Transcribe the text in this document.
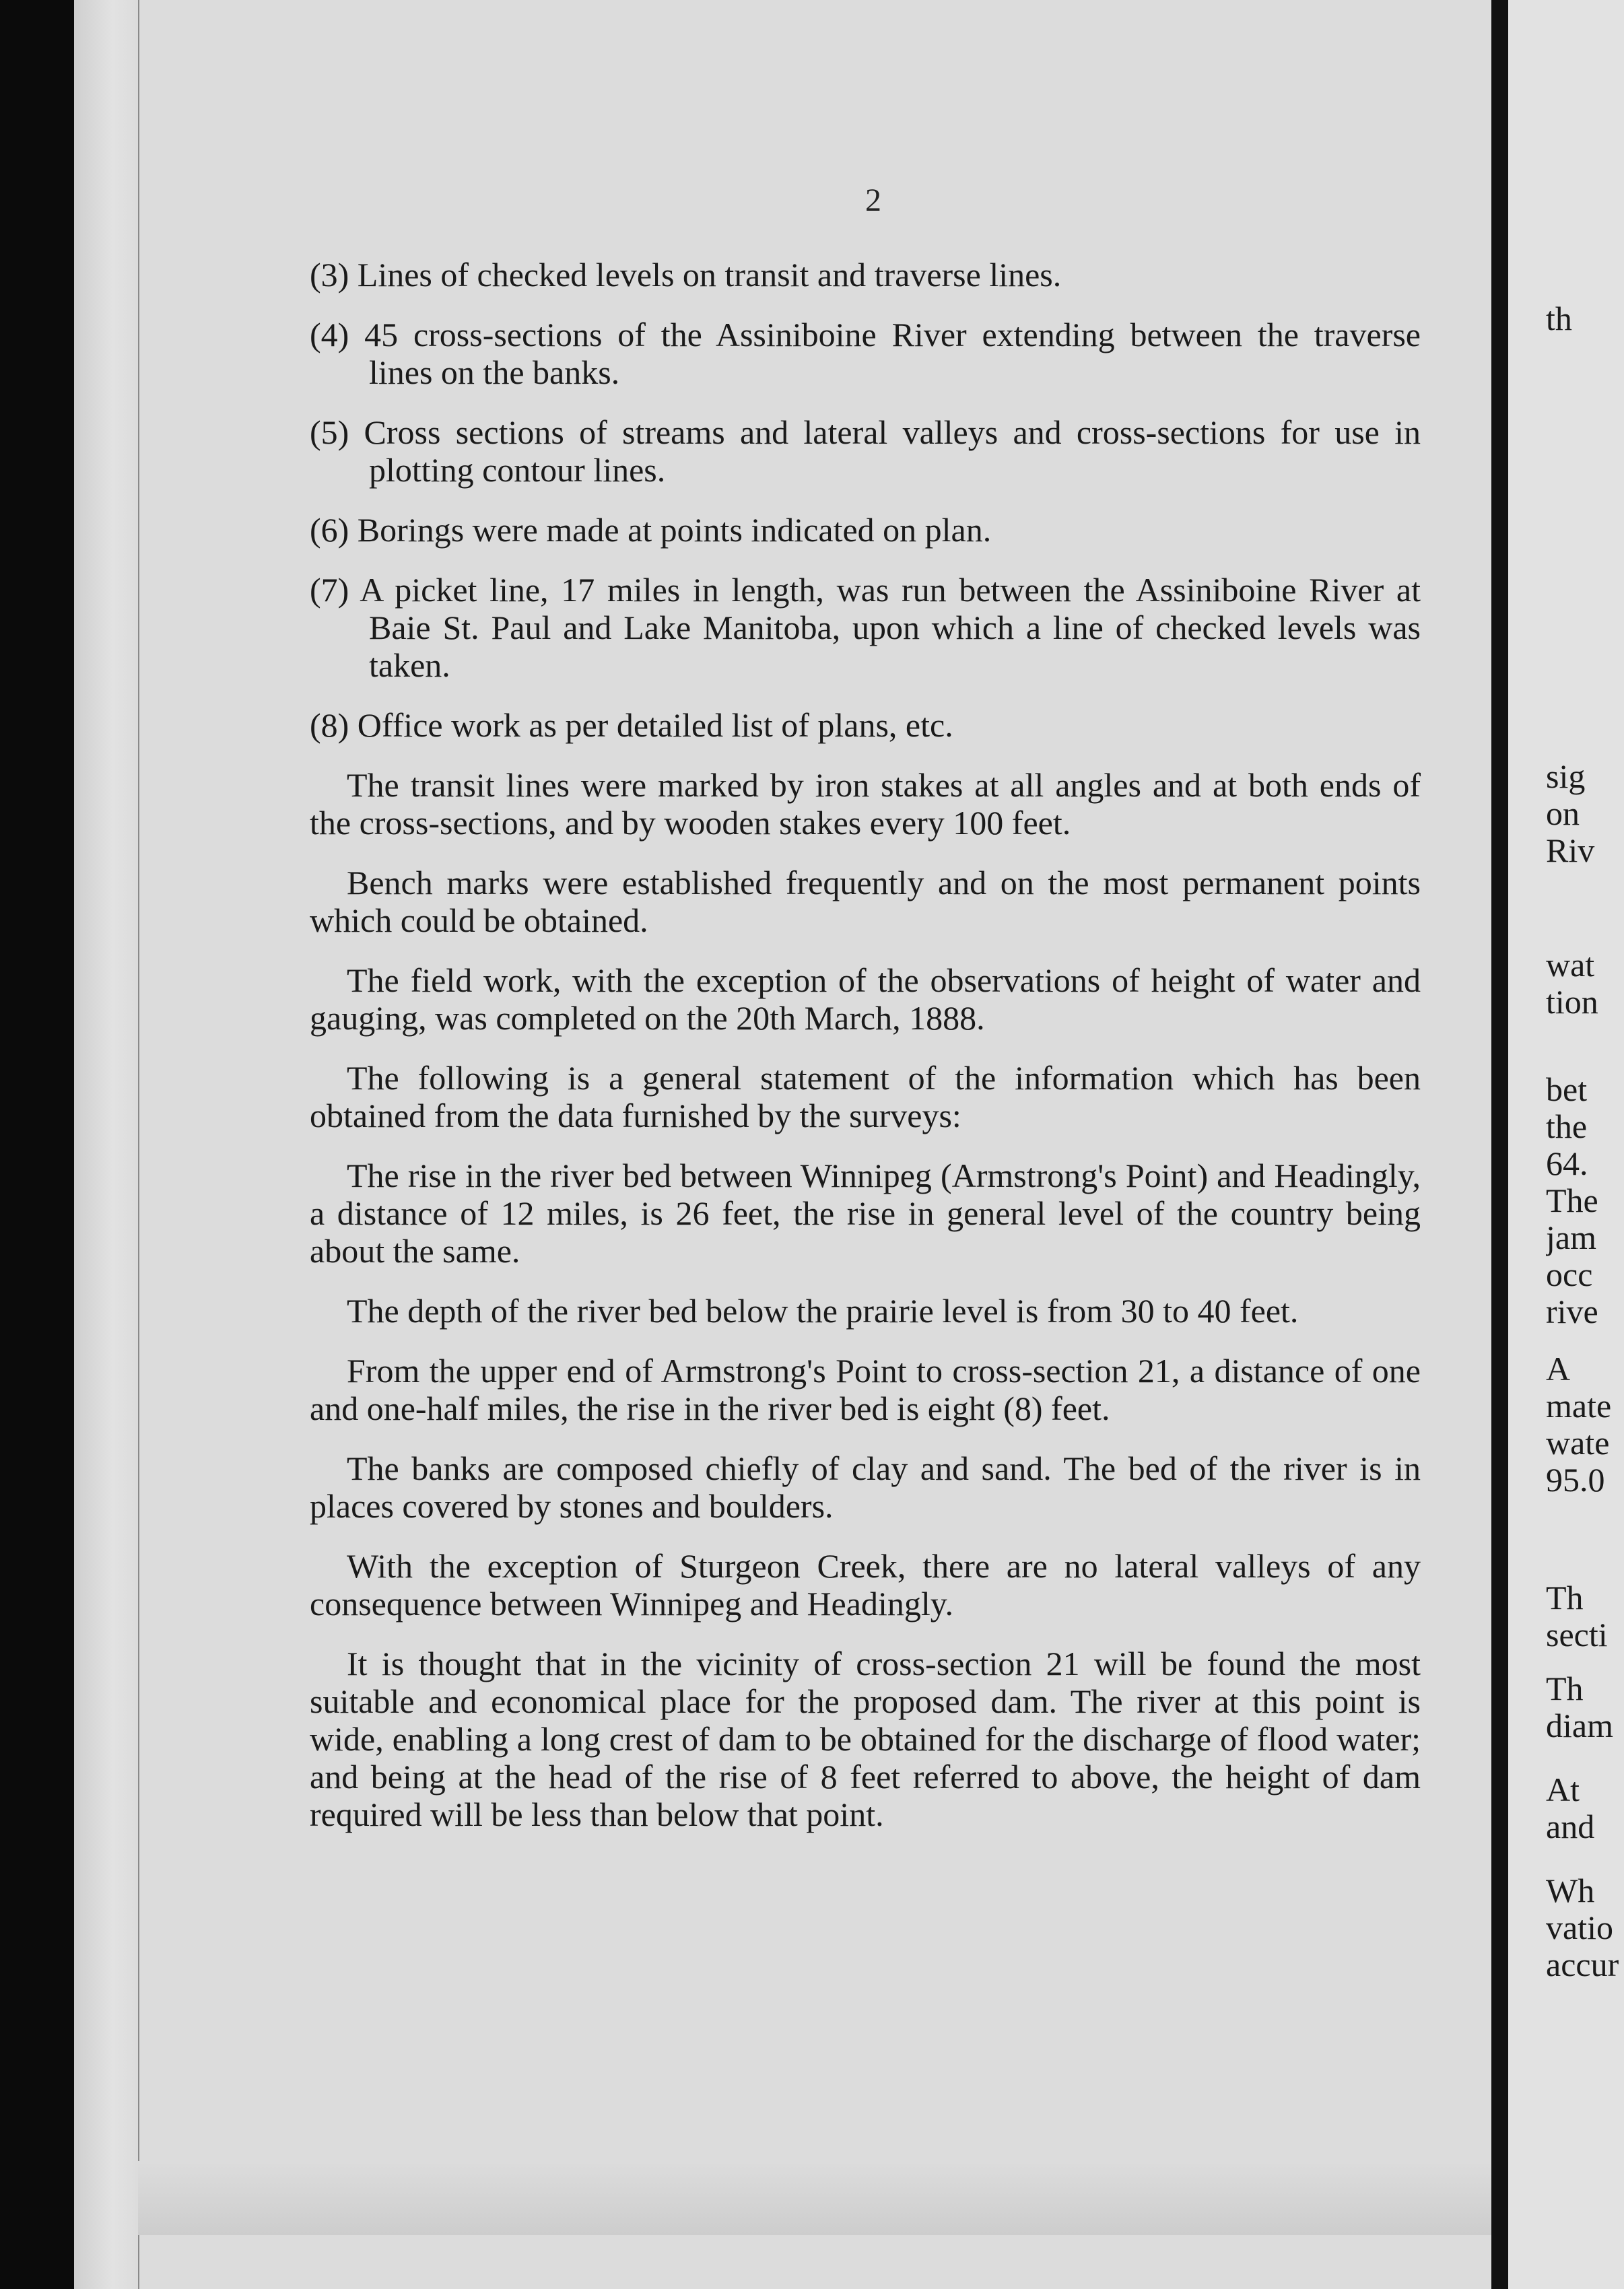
2

(3) Lines of checked levels on transit and traverse lines.

(4) 45 cross-sections of the Assiniboine River extending between the traverse lines on the banks.

(5) Cross sections of streams and lateral valleys and cross-sections for use in plotting contour lines.

(6) Borings were made at points indicated on plan.

(7) A picket line, 17 miles in length, was run between the Assiniboine River at Baie St. Paul and Lake Manitoba, upon which a line of checked levels was taken.

(8) Office work as per detailed list of plans, etc.

The transit lines were marked by iron stakes at all angles and at both ends of the cross-sections, and by wooden stakes every 100 feet.

Bench marks were established frequently and on the most permanent points which could be obtained.

The field work, with the exception of the observations of height of water and gauging, was completed on the 20th March, 1888.

The following is a general statement of the information which has been obtained from the data furnished by the surveys:

The rise in the river bed between Winnipeg (Armstrong's Point) and Headingly, a distance of 12 miles, is 26 feet, the rise in general level of the country being about the same.

The depth of the river bed below the prairie level is from 30 to 40 feet.

From the upper end of Armstrong's Point to cross-section 21, a distance of one and one-half miles, the rise in the river bed is eight (8) feet.

The banks are composed chiefly of clay and sand. The bed of the river is in places covered by stones and boulders.

With the exception of Sturgeon Creek, there are no lateral valleys of any consequence between Winnipeg and Headingly.

It is thought that in the vicinity of cross-section 21 will be found the most suitable and economical place for the proposed dam. The river at this point is wide, enabling a long crest of dam to be obtained for the discharge of flood water; and being at the head of the rise of 8 feet referred to above, the height of dam required will be less than below that point.

th
sig
on
Riv
wat
tion
bet
the
64.
The
jam
occ
rive
A
mate
wate
95.0
Th
secti
Th
diam
At
and
Wh
vatio
accur
